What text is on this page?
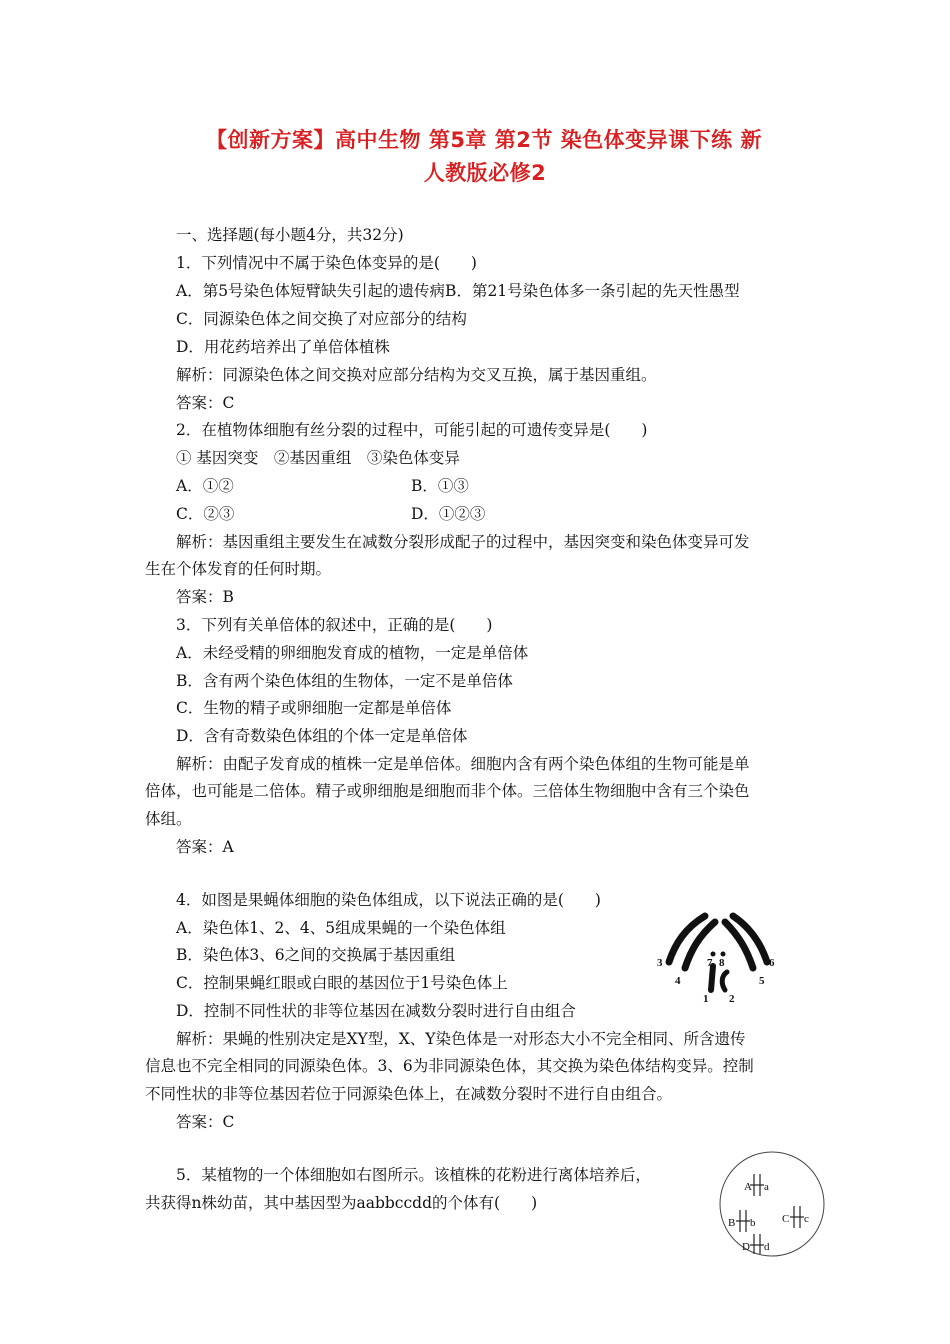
【创新方案】高中生物 第5章 第2节 染色体变异课下练 新
人教版必修2
一、选择题(每小题4分，共32分)
1．下列情况中不属于染色体变异的是(　　)
A．第5号染色体短臂缺失引起的遗传病B．第21号染色体多一条引起的先天性愚型
C．同源染色体之间交换了对应部分的结构
D．用花药培养出了单倍体植株
解析：同源染色体之间交换对应部分结构为交叉互换，属于基因重组。
答案：C
2．在植物体细胞有丝分裂的过程中，可能引起的可遗传变异是(　　)
① 基因突变　②基因重组　③染色体变异
A．①②	B．①③
C．②③	D．①②③
解析：基因重组主要发生在减数分裂形成配子的过程中，基因突变和染色体变异可发
生在个体发育的任何时期。
答案：B
3．下列有关单倍体的叙述中，正确的是(　　)
A．未经受精的卵细胞发育成的植物，一定是单倍体
B．含有两个染色体组的生物体，一定不是单倍体
C．生物的精子或卵细胞一定都是单倍体
D．含有奇数染色体组的个体一定是单倍体
解析：由配子发育成的植株一定是单倍体。细胞内含有两个染色体组的生物可能是单
倍体，也可能是二倍体。精子或卵细胞是细胞而非个体。三倍体生物细胞中含有三个染色
体组。
答案：A
4．如图是果蝇体细胞的染色体组成，以下说法正确的是(　　)
A．染色体1、2、4、5组成果蝇的一个染色体组
B．染色体3、6之间的交换属于基因重组
C．控制果蝇红眼或白眼的基因位于1号染色体上
D．控制不同性状的非等位基因在减数分裂时进行自由组合
解析：果蝇的性别决定是XY型，X、Y染色体是一对形态大小不完全相同、所含遗传
信息也不完全相同的同源染色体。3、6为非同源染色体，其交换为染色体结构变异。控制
不同性状的非等位基因若位于同源染色体上，在减数分裂时不进行自由组合。
答案：C
5．某植物的一个体细胞如右图所示。该植株的花粉进行离体培养后，
共获得n株幼苗，其中基因型为aabbccdd的个体有(　　)
3
4
7 8	6
5
1 2
A a
B b C c
D d
